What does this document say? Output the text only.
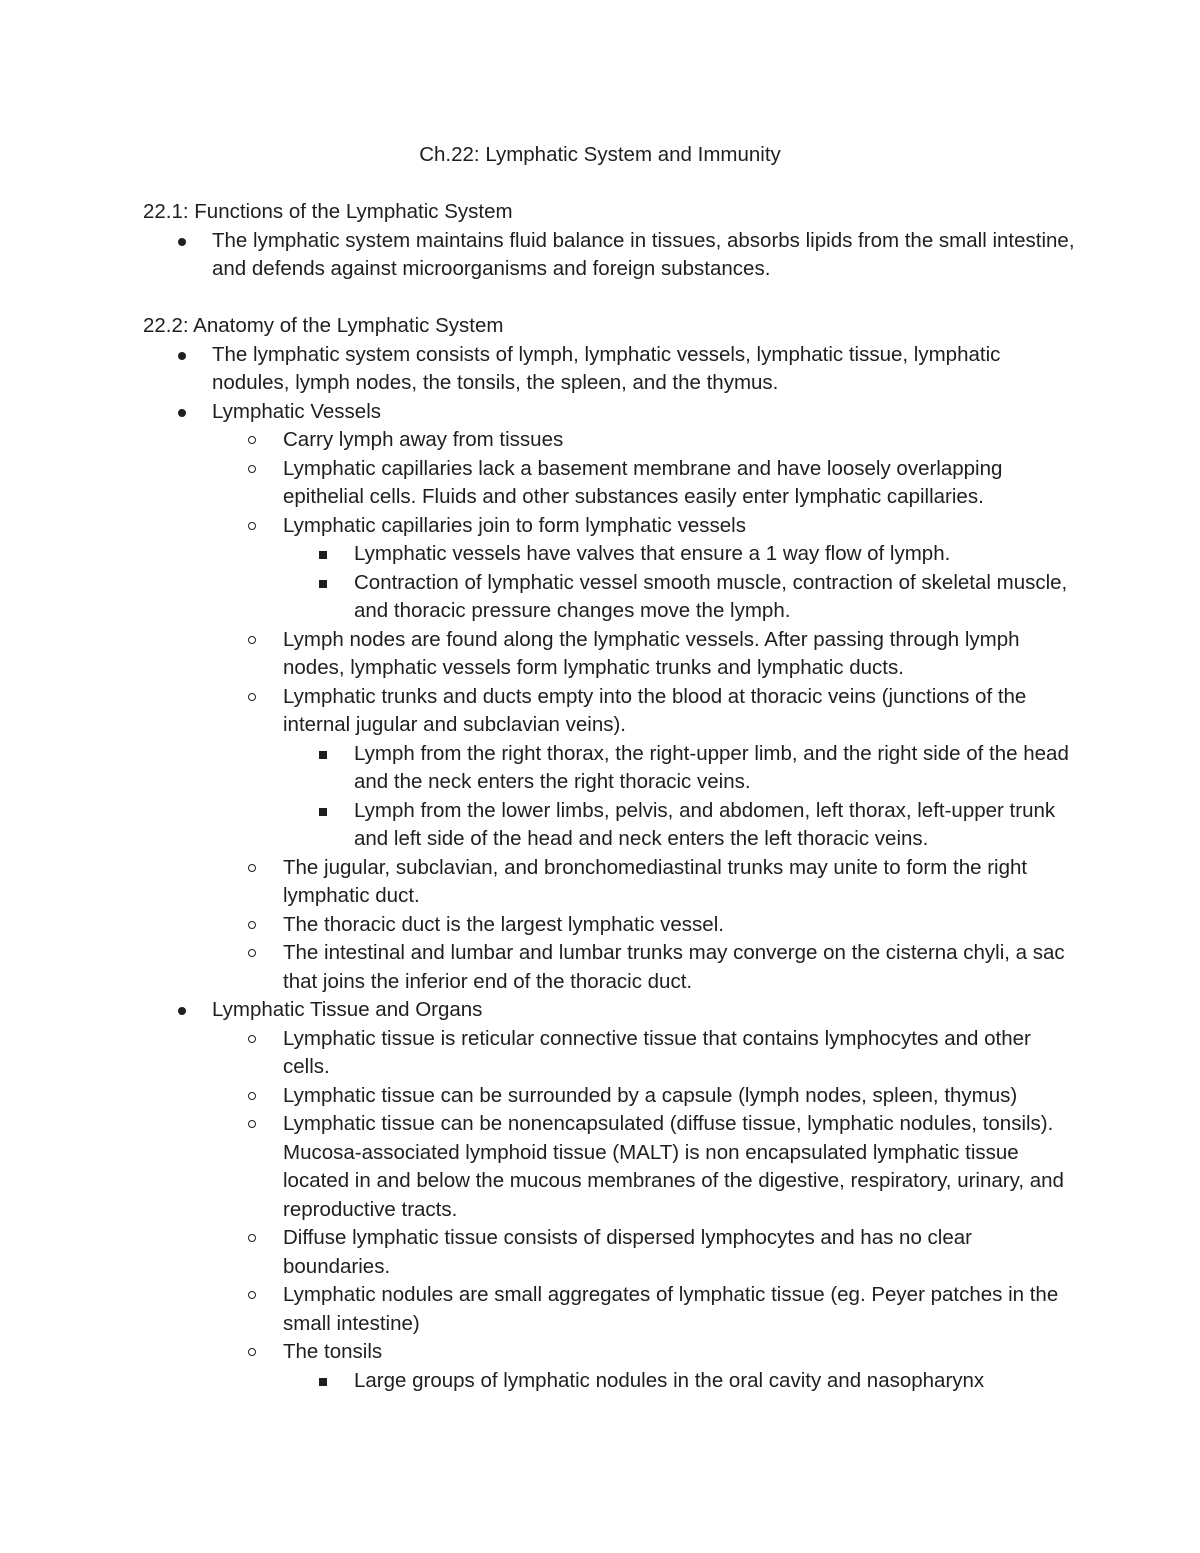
Ch.22: Lymphatic System and Immunity
22.1: Functions of the Lymphatic System
The lymphatic system maintains fluid balance in tissues, absorbs lipids from the small intestine, and defends against microorganisms and foreign substances.
22.2: Anatomy of the Lymphatic System
The lymphatic system consists of lymph, lymphatic vessels, lymphatic tissue, lymphatic nodules, lymph nodes, the tonsils, the spleen, and the thymus.
Lymphatic Vessels
Carry lymph away from tissues
Lymphatic capillaries lack a basement membrane and have loosely overlapping epithelial cells. Fluids and other substances easily enter lymphatic capillaries.
Lymphatic capillaries join to form lymphatic vessels
Lymphatic vessels have valves that ensure a 1 way flow of lymph.
Contraction of lymphatic vessel smooth muscle, contraction of skeletal muscle, and thoracic pressure changes move the lymph.
Lymph nodes are found along the lymphatic vessels. After passing through lymph nodes, lymphatic vessels form lymphatic trunks and lymphatic ducts.
Lymphatic trunks and ducts empty into the blood at thoracic veins (junctions of the internal jugular and subclavian veins).
Lymph from the right thorax, the right-upper limb, and the right side of the head and the neck enters the right thoracic veins.
Lymph from the lower limbs, pelvis, and abdomen, left thorax, left-upper trunk and left side of the head and neck enters the left thoracic veins.
The jugular, subclavian, and bronchomediastinal trunks may unite to form the right lymphatic duct.
The thoracic duct is the largest lymphatic vessel.
The intestinal and lumbar and lumbar trunks may converge on the cisterna chyli, a sac that joins the inferior end of the thoracic duct.
Lymphatic Tissue and Organs
Lymphatic tissue is reticular connective tissue that contains lymphocytes and other cells.
Lymphatic tissue can be surrounded by a capsule (lymph nodes, spleen, thymus)
Lymphatic tissue can be nonencapsulated (diffuse tissue, lymphatic nodules, tonsils). Mucosa-associated lymphoid tissue (MALT) is non encapsulated lymphatic tissue located in and below the mucous membranes of the digestive, respiratory, urinary, and reproductive tracts.
Diffuse lymphatic tissue consists of dispersed lymphocytes and has no clear boundaries.
Lymphatic nodules are small aggregates of lymphatic tissue (eg. Peyer patches in the small intestine)
The tonsils
Large groups of lymphatic nodules in the oral cavity and nasopharynx
